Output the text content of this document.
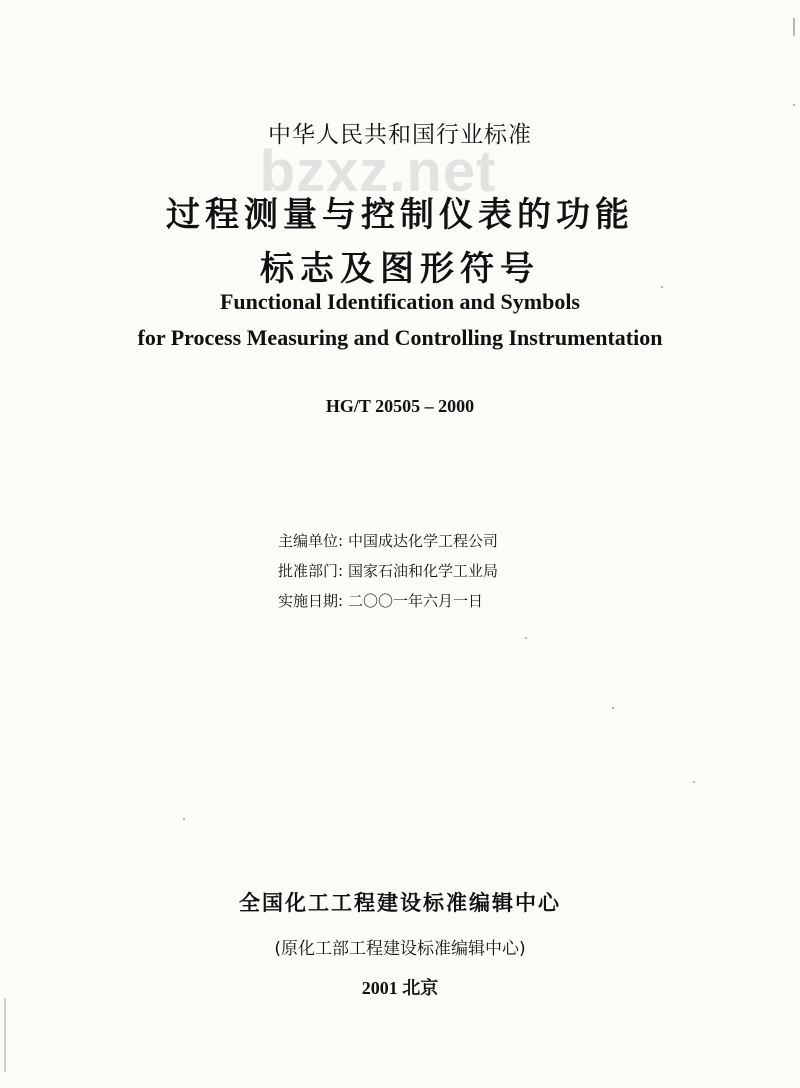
bzxz.net
中华人民共和国行业标准
过程测量与控制仪表的功能
标志及图形符号
Functional Identification and Symbols
for Process Measuring and Controlling Instrumentation
HG/T 20505 – 2000
主编单位: 中国成达化学工程公司
批准部门: 国家石油和化学工业局
实施日期: 二〇〇一年六月一日
全国化工工程建设标准编辑中心
(原化工部工程建设标准编辑中心)
2001 北京
